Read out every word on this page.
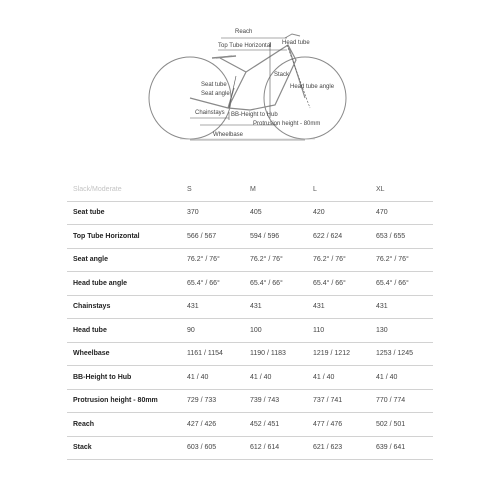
Reach
Head tube
Top Tube Horizontal
Stack
Seat tube
Seat angle
Head tube angle
Chainstays BB-Height to Hub
Protrusion height - 80mm
Wheelbase
Slack/Moderate	S	M	L	XL
Seat tube	370	405	420	470
Top Tube Horizontal	566 / 567	594 / 596	622 / 624	653 / 655
Seat angle	76.2° / 76°	76.2° / 76°	76.2° / 76°	76.2° / 76°
Head tube angle	65.4° / 66°	65.4° / 66°	65.4° / 66°	65.4° / 66°
Chainstays	431	431	431	431
Head tube	90	100	110	130
Wheelbase	1161 / 1154	1190 / 1183	1219 / 1212	1253 / 1245
BB-Height to Hub	41 / 40	41 / 40	41 / 40	41 / 40
Protrusion height - 80mm	729 / 733	739 / 743	737 / 741	770 / 774
Reach	427 / 426	452 / 451	477 / 476	502 / 501
Stack	603 / 605	612 / 614	621 / 623	639 / 641
